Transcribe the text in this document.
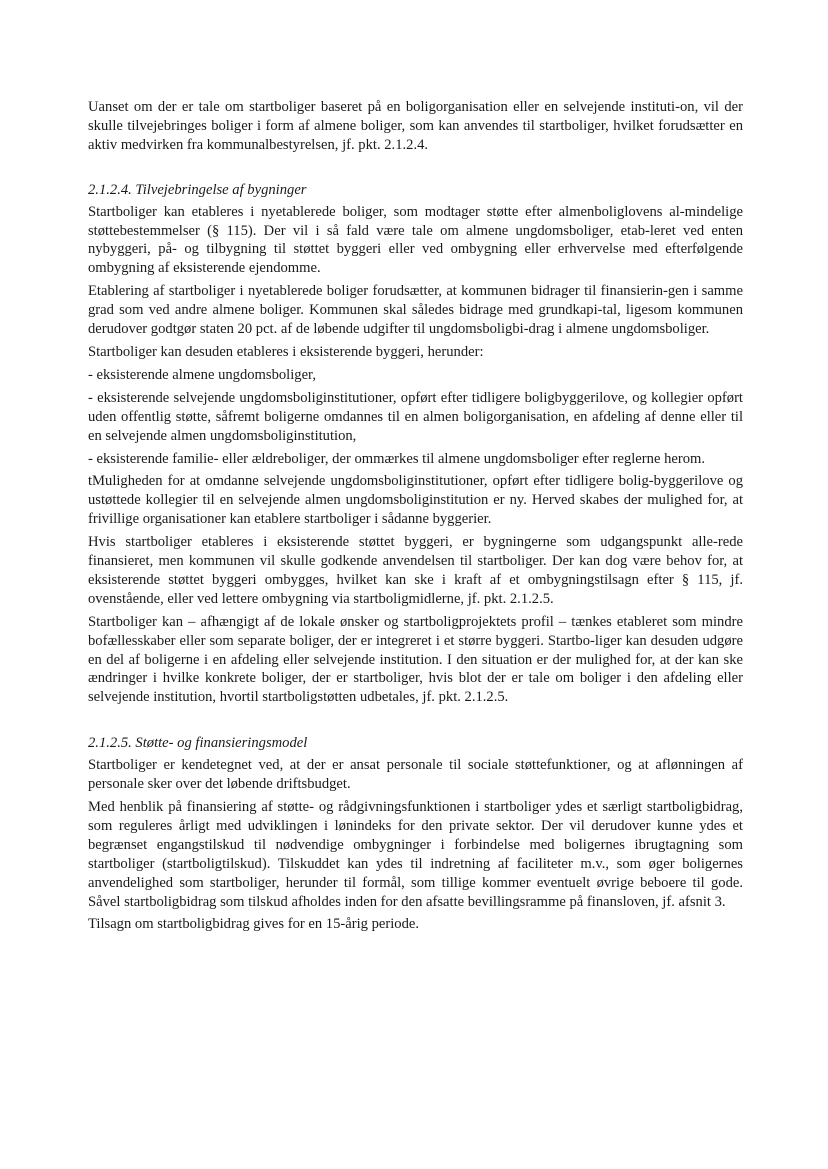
Uanset om der er tale om startboliger baseret på en boligorganisation eller en selvejende instituti-on, vil der skulle tilvejebringes boliger i form af almene boliger, som kan anvendes til startboliger, hvilket forudsætter en aktiv medvirken fra kommunalbestyrelsen, jf. pkt. 2.1.2.4.

2.1.2.4. Tilvejebringelse af bygninger

Startboliger kan etableres i nyetablerede boliger, som modtager støtte efter almenboliglovens al-mindelige støttebestemmelser (§ 115). Der vil i så fald være tale om almene ungdomsboliger, etab-leret ved enten nybyggeri, på- og tilbygning til støttet byggeri eller ved ombygning eller erhvervelse med efterfølgende ombygning af eksisterende ejendomme.

Etablering af startboliger i nyetablerede boliger forudsætter, at kommunen bidrager til finansierin-gen i samme grad som ved andre almene boliger. Kommunen skal således bidrage med grundkapi-tal, ligesom kommunen derudover godtgør staten 20 pct. af de løbende udgifter til ungdomsboligbi-drag i almene ungdomsboliger.

Startboliger kan desuden etableres i eksisterende byggeri, herunder:

- eksisterende almene ungdomsboliger,

- eksisterende selvejende ungdomsboliginstitutioner, opført efter tidligere boligbyggerilove, og kollegier opført uden offentlig støtte, såfremt boligerne omdannes til en almen boligorganisation, en afdeling af denne eller til en selvejende almen ungdomsboliginstitution,

- eksisterende familie- eller ældreboliger, der ommærkes til almene ungdomsboliger efter reglerne herom.

tMuligheden for at omdanne selvejende ungdomsboliginstitutioner, opført efter tidligere bolig-byggerilove og ustøttede kollegier til en selvejende almen ungdomsboliginstitution er ny. Herved skabes der mulighed for, at frivillige organisationer kan etablere startboliger i sådanne byggerier.

Hvis startboliger etableres i eksisterende støttet byggeri, er bygningerne som udgangspunkt alle-rede finansieret, men kommunen vil skulle godkende anvendelsen til startboliger. Der kan dog være behov for, at eksisterende støttet byggeri ombygges, hvilket kan ske i kraft af et ombygningstilsagn efter § 115, jf. ovenstående, eller ved lettere ombygning via startboligmidlerne, jf. pkt. 2.1.2.5.

Startboliger kan – afhængigt af de lokale ønsker og startboligprojektets profil – tænkes etableret som mindre bofællesskaber eller som separate boliger, der er integreret i et større byggeri. Startbo-liger kan desuden udgøre en del af boligerne i en afdeling eller selvejende institution. I den situation er der mulighed for, at der kan ske ændringer i hvilke konkrete boliger, der er startboliger, hvis blot der er tale om boliger i den afdeling eller selvejende institution, hvortil startboligstøtten udbetales, jf. pkt. 2.1.2.5.

2.1.2.5. Støtte- og finansieringsmodel

Startboliger er kendetegnet ved, at der er ansat personale til sociale støttefunktioner, og at aflønningen af personale sker over det løbende driftsbudget.

Med henblik på finansiering af støtte- og rådgivningsfunktionen i startboliger ydes et særligt startboligbidrag, som reguleres årligt med udviklingen i lønindeks for den private sektor. Der vil derudover kunne ydes et begrænset engangstilskud til nødvendige ombygninger i forbindelse med boligernes ibrugtagning som startboliger (startboligtilskud). Tilskuddet kan ydes til indretning af faciliteter m.v., som øger boligernes anvendelighed som startboliger, herunder til formål, som tillige kommer eventuelt øvrige beboere til gode. Såvel startboligbidrag som tilskud afholdes inden for den afsatte bevillingsramme på finansloven, jf. afsnit 3.

Tilsagn om startboligbidrag gives for en 15-årig periode.
